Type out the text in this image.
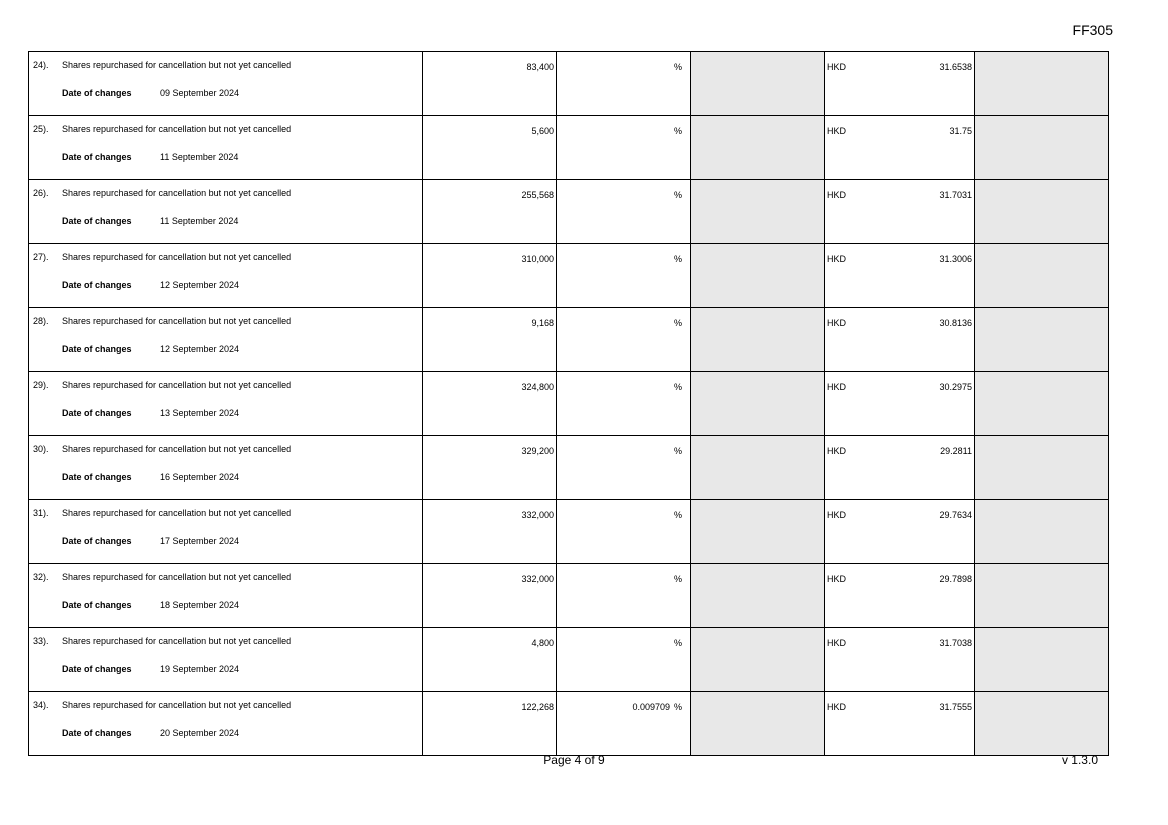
FF305
24). Shares repurchased for cancellation but not yet cancelled
Date of changes 09 September 2024	83,400	%		HKD 31.6538	

25). Shares repurchased for cancellation but not yet cancelled
Date of changes 11 September 2024	5,600	%		HKD 31.75	

26). Shares repurchased for cancellation but not yet cancelled
Date of changes 11 September 2024	255,568	%		HKD 31.7031	

27). Shares repurchased for cancellation but not yet cancelled
Date of changes 12 September 2024	310,000	%		HKD 31.3006	

28). Shares repurchased for cancellation but not yet cancelled
Date of changes 12 September 2024	9,168	%		HKD 30.8136	

29). Shares repurchased for cancellation but not yet cancelled
Date of changes 13 September 2024	324,800	%		HKD 30.2975	

30). Shares repurchased for cancellation but not yet cancelled
Date of changes 16 September 2024	329,200	%		HKD 29.2811	

31). Shares repurchased for cancellation but not yet cancelled
Date of changes 17 September 2024	332,000	%		HKD 29.7634	

32). Shares repurchased for cancellation but not yet cancelled
Date of changes 18 September 2024	332,000	%		HKD 29.7898	

33). Shares repurchased for cancellation but not yet cancelled
Date of changes 19 September 2024	4,800	%		HKD 31.7038	

34). Shares repurchased for cancellation but not yet cancelled
Date of changes 20 September 2024	122,268	0.009709 %		HKD 31.7555	

Page 4 of 9	v 1.3.0
